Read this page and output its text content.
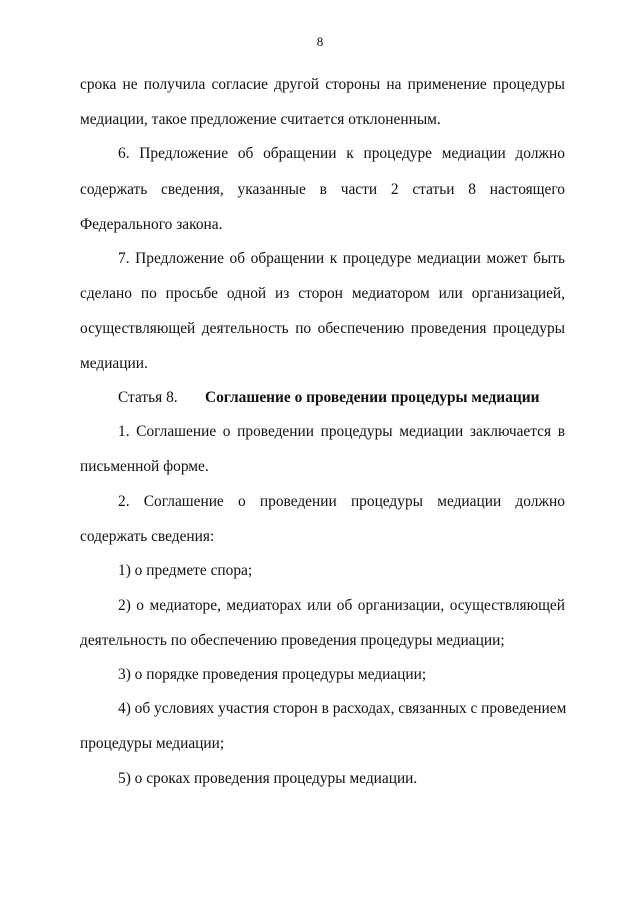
8
срока не получила согласие другой стороны на применение процедуры
медиации, такое предложение считается отклоненным.
6. Предложение об обращении к процедуре медиации должно
содержать сведения, указанные в части 2 статьи 8 настоящего
Федерального закона.
7. Предложение об обращении к процедуре медиации может быть
сделано по просьбе одной из сторон медиатором или организацией,
осуществляющей деятельность по обеспечению проведения процедуры
медиации.
Статья 8. Соглашение о проведении процедуры медиации
1. Соглашение о проведении процедуры медиации заключается в
письменной форме.
2. Соглашение о проведении процедуры медиации должно
содержать сведения:
1) о предмете спора;
2) о медиаторе, медиаторах или об организации, осуществляющей
деятельность по обеспечению проведения процедуры медиации;
3) о порядке проведения процедуры медиации;
4) об условиях участия сторон в расходах, связанных с проведением
процедуры медиации;
5) о сроках проведения процедуры медиации.
